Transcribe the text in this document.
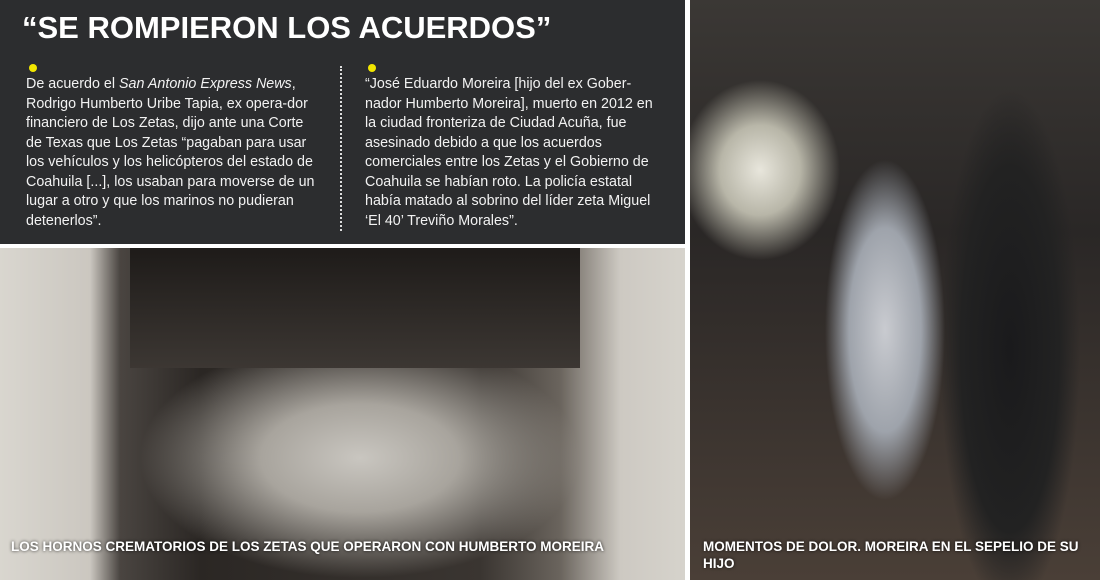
“SE ROMPIERON LOS ACUERDOS”

De acuerdo el San Antonio Express News, Rodrigo Humberto Uribe Tapia, ex opera-dor financiero de Los Zetas, dijo ante una Corte de Texas que Los Zetas “pagaban para usar los vehículos y los helicópteros del estado de Coahuila [...], los usaban para moverse de un lugar a otro y que los marinos no pudieran detenerlos”.

“José Eduardo Moreira [hijo del ex Gober-nador Humberto Moreira], muerto en 2012 en la ciudad fronteriza de Ciudad Acuña, fue asesinado debido a que los acuerdos comerciales entre los Zetas y el Gobierno de Coahuila se habían roto. La policía estatal había matado al sobrino del líder zeta Miguel ‘El 40’ Treviño Morales”.

LOS HORNOS CREMATORIOS DE LOS ZETAS QUE OPERARON CON HUMBERTO MOREIRA	MOMENTOS DE DOLOR. MOREIRA EN EL SEPELIO DE SU HIJO
